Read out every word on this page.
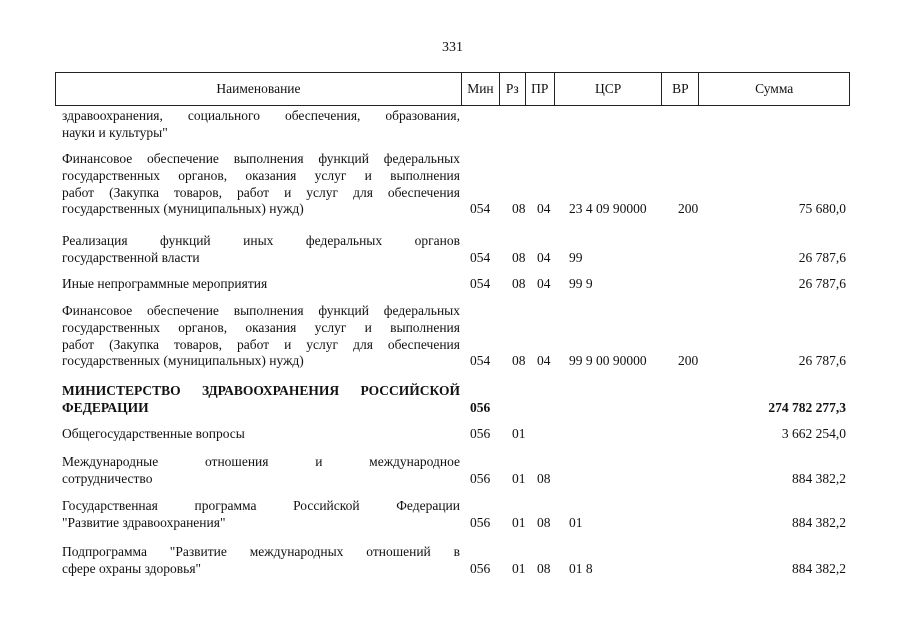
331
Наименование	Мин Рз ПР	ЦСР	ВР	Сумма
здравоохранения, социального обеспечения, образования,
науки и культуры"
Финансовое обеспечение выполнения функций федеральных
государственных органов, оказания услуг и выполнения
работ (Закупка товаров, работ и услуг для обеспечения
государственных (муниципальных) нужд)	054	08 04	23 4 09 90000	200	75 680,0
Реализация функций иных федеральных органов
государственной власти	054	08 04	99	26 787,6
Иные непрограммные мероприятия	054	08 04	99 9	26 787,6
Финансовое обеспечение выполнения функций федеральных
государственных органов, оказания услуг и выполнения
работ (Закупка товаров, работ и услуг для обеспечения
государственных (муниципальных) нужд)	054	08 04	99 9 00 90000	200	26 787,6
МИНИСТЕРСТВО ЗДРАВООХРАНЕНИЯ РОССИЙСКОЙ
ФЕДЕРАЦИИ	056	274 782 277,3
Общегосударственные вопросы	056	01	3 662 254,0
Международные отношения и международное
сотрудничество	056	01 08	884 382,2
Государственная программа Российской Федерации
"Развитие здравоохранения"	056	01 08	01	884 382,2
Подпрограмма "Развитие международных отношений в
сфере охраны здоровья"	056	01 08	01 8	884 382,2
